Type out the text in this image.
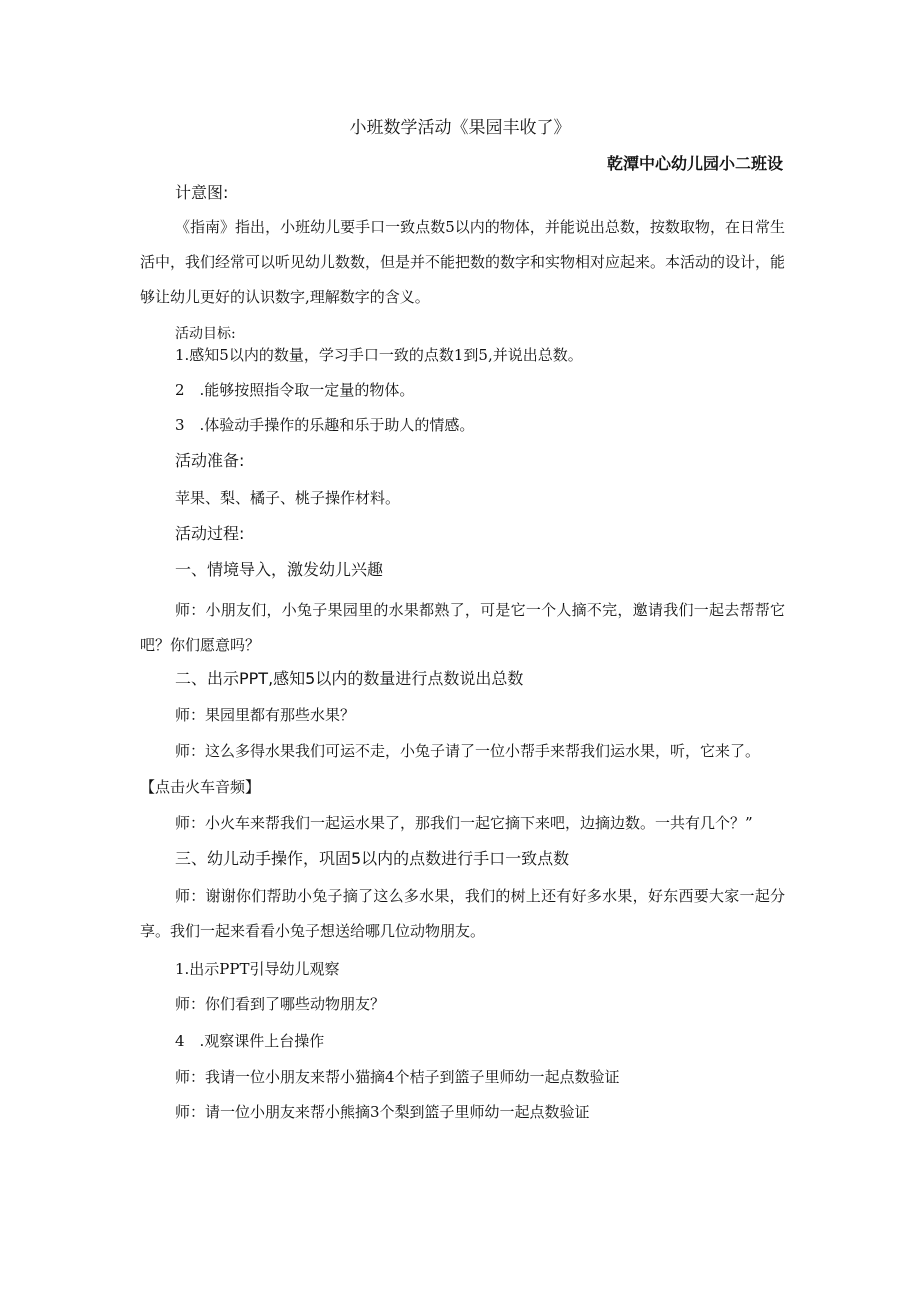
小班数学活动《果园丰收了》
乾潭中心幼儿园小二班设
计意图:
《指南》指出，小班幼儿要手口一致点数5以内的物体，并能说出总数，按数取物，在日常生活中，我们经常可以听见幼儿数数，但是并不能把数的数字和实物相对应起来。本活动的设计，能够让幼儿更好的认识数字,理解数字的含义。
活动目标:
1.感知5以内的数量，学习手口一致的点数1到5,并说出总数。
2　.能够按照指令取一定量的物体。
3　.体验动手操作的乐趣和乐于助人的情感。
活动准备:
苹果、梨、橘子、桃子操作材料。
活动过程:
一、情境导入，激发幼儿兴趣
师：小朋友们，小兔子果园里的水果都熟了，可是它一个人摘不完，邀请我们一起去帮帮它吧？你们愿意吗？
二、出示PPT,感知5以内的数量进行点数说出总数
师：果园里都有那些水果？
师：这么多得水果我们可运不走，小兔子请了一位小帮手来帮我们运水果，听，它来了。
【点击火车音频】
师：小火车来帮我们一起运水果了，那我们一起它摘下来吧，边摘边数。一共有几个？”
三、幼儿动手操作，巩固5以内的点数进行手口一致点数
师：谢谢你们帮助小兔子摘了这么多水果，我们的树上还有好多水果，好东西要大家一起分享。我们一起来看看小兔子想送给哪几位动物朋友。
1.出示PPT引导幼儿观察
师：你们看到了哪些动物朋友？
4　.观察课件上台操作
师：我请一位小朋友来帮小猫摘4个桔子到篮子里师幼一起点数验证
师：请一位小朋友来帮小熊摘3个梨到篮子里师幼一起点数验证
